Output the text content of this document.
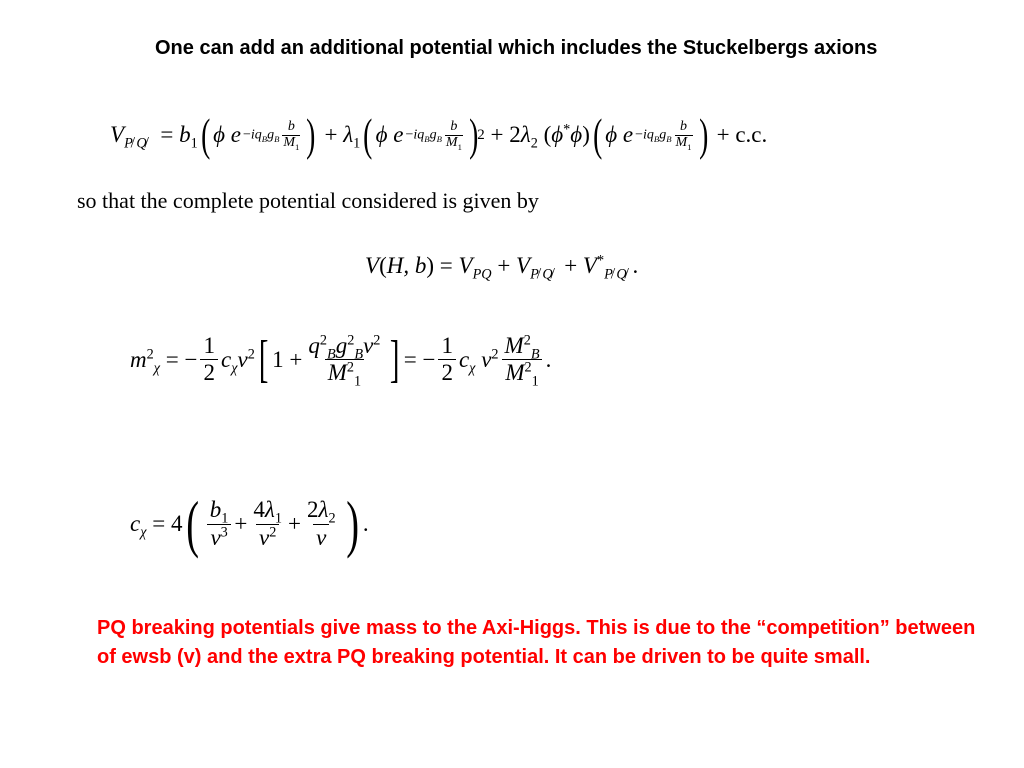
One can add an additional potential which includes the Stuckelbergs axions

$V_{P̸ Q̸} = b_1$ ( ϕ $e -iq_Bg_B \frac{b}{M_1}$ ) + $\lambda_1$ ( ϕ $e -iq_Bg_B \frac{b}{M_1}$ ) $2 + 2\lambda_2$ (ϕ*ϕ) ( ϕ $e -iq_Bg_B \frac{b}{M_1}$ ) + c.c.

so that the complete potential considered is given by

V(H, $b) = V_{PQ} + V_{P̸ Q̸} + V^*_{P̸ Q̸}$ .
$m^2_\chi$ = − $\frac{1}{2} c_\chi v^2$ [ $1 + \frac{q^2_Bg^2_Bv^2}{M^2_1}$ ] = − $\frac{1}{2} c_\chi$ $v^2 \frac{M^2_B}{M^2_1}$ .
$c_\chi = 4$ ( $\frac{b_1}{v^3} + \frac{4\lambda_1}{v^2} + \frac{2\lambda_2}{v}$ ) .

PQ breaking potentials give mass to the Axi-Higgs. This is due to the “competition” between of ewsb (v) and the extra PQ breaking potential. It can be driven to be quite small.
